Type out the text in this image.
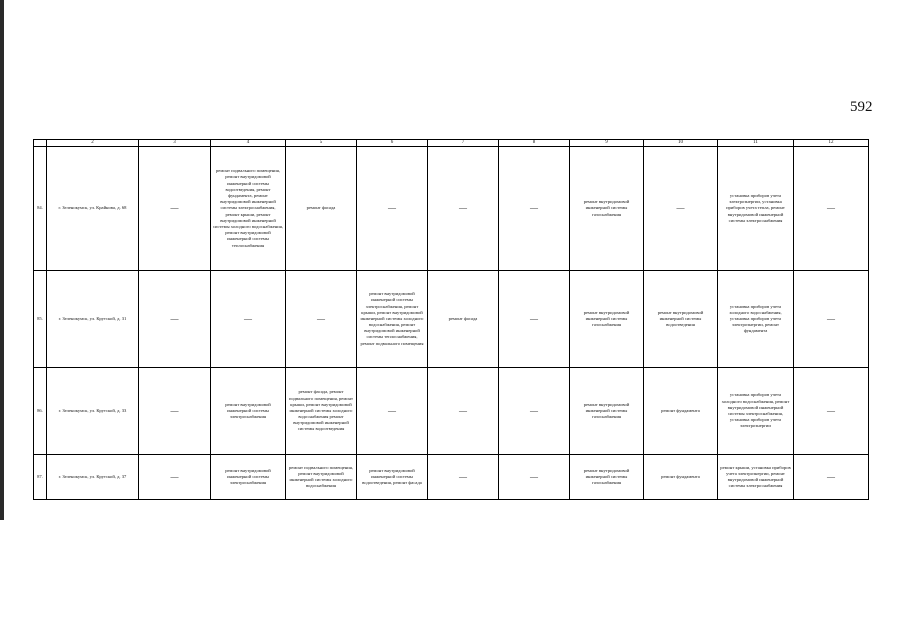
592
	2	3	4	5	6	7	8	9	10	11	12
84.	г. Зеленокумск, ул. Крайнова, д. 68	—	ремонт подвального помещения, ремонт внутридомовой инженерной системы водоотведения, ремонт фундамента, ремонт внутридомовой инженерной системы электроснабжения, ремонт крыши, ремонт внутридомовой инженерной системы холодного водоснабжения, ремонт внутридомовой инженерной системы теплоснабжения	ремонт фасада	—	—	—	ремонт внутридомовой инженерной системы газоснабжения	—	установка приборов учета электроэнергии, установка приборов учета тепла, ремонт внутридомовой инженерной системы электроснабжения	—
85.	г. Зеленокумск, ул. Крутской, д. 31	—	—	—	ремонт внутридомовой инженерной системы электроснабжения, ремонт крыши, ремонт внутридомовой инженерной системы холодного водоснабжения, ремонт внутридомовой инженерной системы теплоснабжения, ремонт подвального помещения	ремонт фасада	—	ремонт внутридомовой инженерной системы газоснабжения	ремонт внутридомовой инженерной системы водоотведения	установка приборов учета холодного водоснабжения, установка приборов учета электроэнергии, ремонт фундамента	—
86.	г. Зеленокумск, ул. Крутской, д. 33	—	ремонт внутридомовой инженерной системы электроснабжения	ремонт фасада, ремонт подвального помещения, ремонт крыши, ремонт внутридомовой инженерной системы холодного водоснабжения ремонт внутридомовой инженерной системы водоотведения	—	—	—	ремонт внутридомовой инженерной системы газоснабжения	ремонт фундамента	установка приборов учета холодного водоснабжения, ремонт внутридомовой инженерной системы электроснабжения, установка приборов учета электроэнергии	—
87.	г. Зеленокумск, ул. Крутской, д. 37	—	ремонт внутридомовой инженерной системы электроснабжения	ремонт подвального помещения, ремонт внутридомовой инженерной системы холодного водоснабжения	ремонт внутридомовой инженерной системы водоотведения, ремонт фасада	—	—	ремонт внутридомовой инженерной системы газоснабжения	ремонт фундамента	ремонт крыши, установка приборов учета электроэнергии, ремонт внутридомовой инженерной системы электроснабжения	—
